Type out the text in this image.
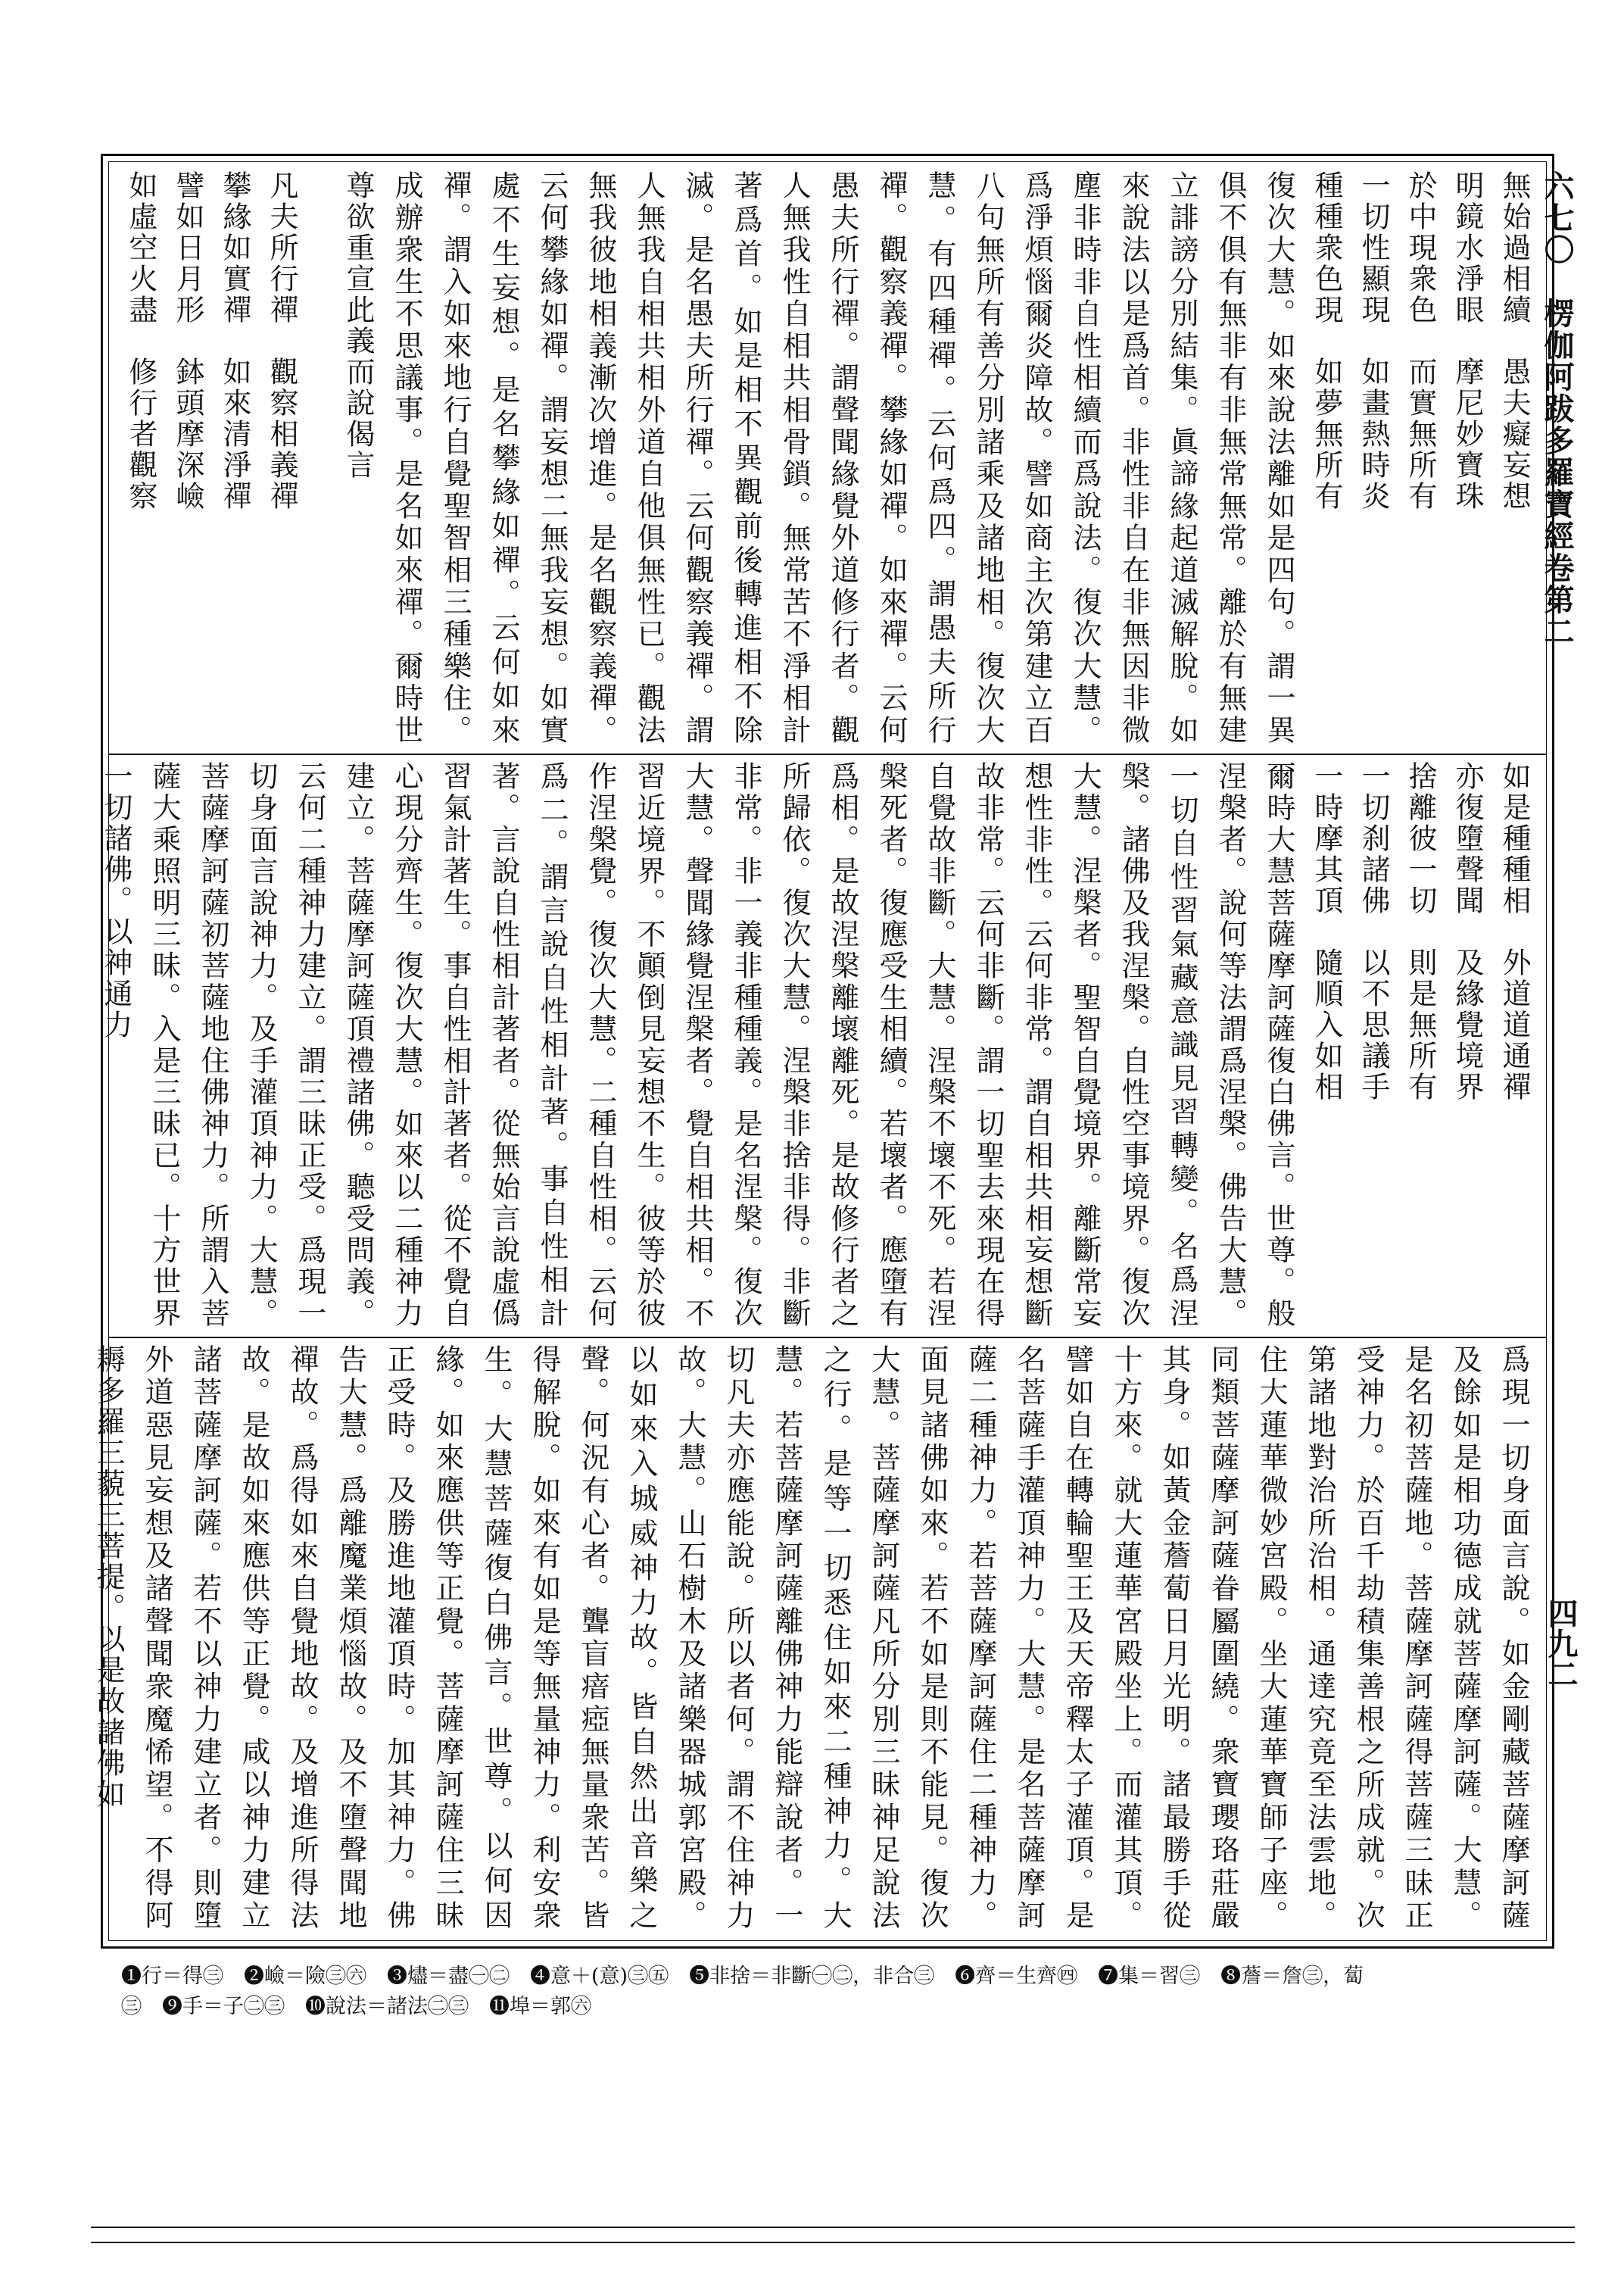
六七〇　楞伽阿跋多羅寶經卷第二
四九二
無始過相續　愚夫癡妄想
明鏡水淨眼　摩尼妙寶珠
於中現衆色　而實無所有
一切性顯現　如畫熱時炎
種種衆色現　如夢無所有
凡夫所行禪　觀察相義禪
攀緣如實禪　如來清淨禪
譬如日月形　鉢頭摩深嶮
如虛空火盡　修行者觀察	復次大慧。如來說法離如是四句。謂一異俱不俱有無非有非無常無常。離於有無建立誹謗分別結集。眞諦緣起道滅解脫。如來說法以是爲首。非性非自在非無因非微塵非時非自性相續而爲說法。復次大慧。爲淨煩惱爾炎障故。譬如商主次第建立百八句無所有善分別諸乘及諸地相。復次大慧。有四種禪。云何爲四。謂愚夫所行禪。觀察義禪。攀緣如禪。如來禪。云何愚夫所行禪。謂聲聞緣覺外道修行者。觀人無我性自相共相骨鎖。無常苦不淨相計著爲首。如是相不異觀前後轉進相不除滅。是名愚夫所行禪。云何觀察義禪。謂人無我自相共相外道自他俱無性已。觀法無我彼地相義漸次增進。是名觀察義禪。云何攀緣如禪。謂妄想二無我妄想。如實處不生妄想。是名攀緣如禪。云何如來禪。謂入如來地行自覺聖智相三種樂住。成辦衆生不思議事。是名如來禪。爾時世尊欲重宣此義而說偈言
如是種種相　外道道通禪
亦復墮聲聞　及緣覺境界
捨離彼一切　則是無所有
一切刹諸佛　以不思議手
一時摩其頂　隨順入如相
爾時大慧菩薩摩訶薩復白佛言。世尊。般涅槃者。說何等法謂爲涅槃。佛告大慧。一切自性習氣藏意識見習轉變。名爲涅槃。諸佛及我涅槃。自性空事境界。復次大慧。涅槃者。聖智自覺境界。離斷常妄想性非性。云何非常。謂自相共相妄想斷故非常。云何非斷。謂一切聖去來現在得自覺故非斷。大慧。涅槃不壞不死。若涅槃死者。復應受生相續。若壞者。應墮有爲相。是故涅槃離壞離死。是故修行者之所歸依。復次大慧。涅槃非捨非得。非斷非常。非一義非種種義。是名涅槃。復次大慧。聲聞緣覺涅槃者。覺自相共相。不習近境界。不顚倒見妄想不生。彼等於彼作涅槃覺。復次大慧。二種自性相。云何爲二。謂言說自性相計著。事自性相計著。言說自性相計著者。從無始言說虛僞習氣計著生。事自性相計著者。從不覺自心現分齊生。復次大慧。如來以二種神力建立。菩薩摩訶薩頂禮諸佛。聽受問義。云何二種神力建立。謂三昧正受。爲現一切身面言說神力。及手灌頂神力。大慧。菩薩摩訶薩初菩薩地住佛神力。所謂入菩薩大乘照明三昧。入是三昧已。十方世界一切諸佛。以神通力
爲現一切身面言說。如金剛藏菩薩摩訶薩及餘如是相功德成就菩薩摩訶薩。大慧。是名初菩薩地。菩薩摩訶薩得菩薩三昧正受神力。於百千劫積集善根之所成就。次第諸地對治所治相。通達究竟至法雲地。住大蓮華微妙宮殿。坐大蓮華寶師子座。同類菩薩摩訶薩眷屬圍繞。衆寶瓔珞莊嚴其身。如黃金薝蔔日月光明。諸最勝手從十方來。就大蓮華宮殿坐上。而灌其頂。譬如自在轉輪聖王及天帝釋太子灌頂。是名菩薩手灌頂神力。大慧。是名菩薩摩訶薩二種神力。若菩薩摩訶薩住二種神力。面見諸佛如來。若不如是則不能見。復次大慧。菩薩摩訶薩凡所分別三昧神足說法之行。是等一切悉住如來二種神力。大慧。若菩薩摩訶薩離佛神力能辯說者。一切凡夫亦應能說。所以者何。謂不住神力故。大慧。山石樹木及諸樂器城郭宮殿。以如來入城威神力故。皆自然出音樂之聲。何況有心者。聾盲瘖瘂無量衆苦。皆得解脫。如來有如是等無量神力。利安衆生。大慧菩薩復白佛言。世尊。以何因緣。如來應供等正覺。菩薩摩訶薩住三昧正受時。及勝進地灌頂時。加其神力。佛告大慧。爲離魔業煩惱故。及不墮聲聞地禪故。爲得如來自覺地故。及增進所得法故。是故如來應供等正覺。咸以神力建立諸菩薩摩訶薩。若不以神力建立者。則墮外道惡見妄想及諸聲聞衆魔悕望。不得阿耨多羅三藐三菩提。以是故諸佛如
❶行＝得㊂　❷嶮＝險㊂㊅　❸燼＝盡㊀㊁　❹意＋(意)㊂㊄　❺非捨＝非斷㊀㊁，非合㊂　❻齊＝生齊㊃　❼集＝習㊂　❽薝＝詹㊂，蔔
㊂　❾手＝子㊁㊂　❿說法＝諸法㊁㊂　⓫埠＝郭㊅
